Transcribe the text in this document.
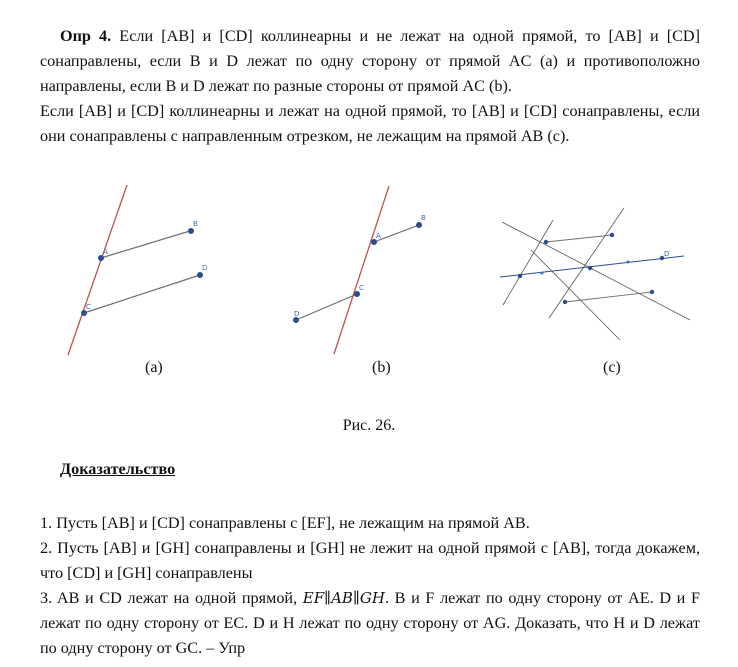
Опр 4. Если [AB] и [CD] коллинеарны и не лежат на одной прямой, то [AB] и [CD] сонаправлены, если B и D лежат по одну сторону от прямой AC (a) и противоположно направлены, если B и D лежат по разные стороны от прямой AC (b).

Если [AB] и [CD] коллинеарны и лежат на одной прямой, то [AB] и [CD] сонаправлены, если они сонаправлены с направленным отрезком, не лежащим на прямой AB (c).

A
B
C
D
A
B
C
D
D
(a)	(b)	(c)
Рис. 26.
Доказательство

1. Пусть [AB] и [CD] сонаправлены с [EF], не лежащим на прямой AB.

2. Пусть [AB] и [GH] сонаправлены и [GH] не лежит на одной прямой с [AB], тогда докажем, что [CD] и [GH] сонаправлены

3. AB и CD лежат на одной прямой, EF∥AB∥GH. B и F лежат по одну сторону от AE. D и F лежат по одну сторону от EC. D и H лежат по одну сторону от AG. Доказать, что H и D лежат по одну сторону от GC. – Упр
